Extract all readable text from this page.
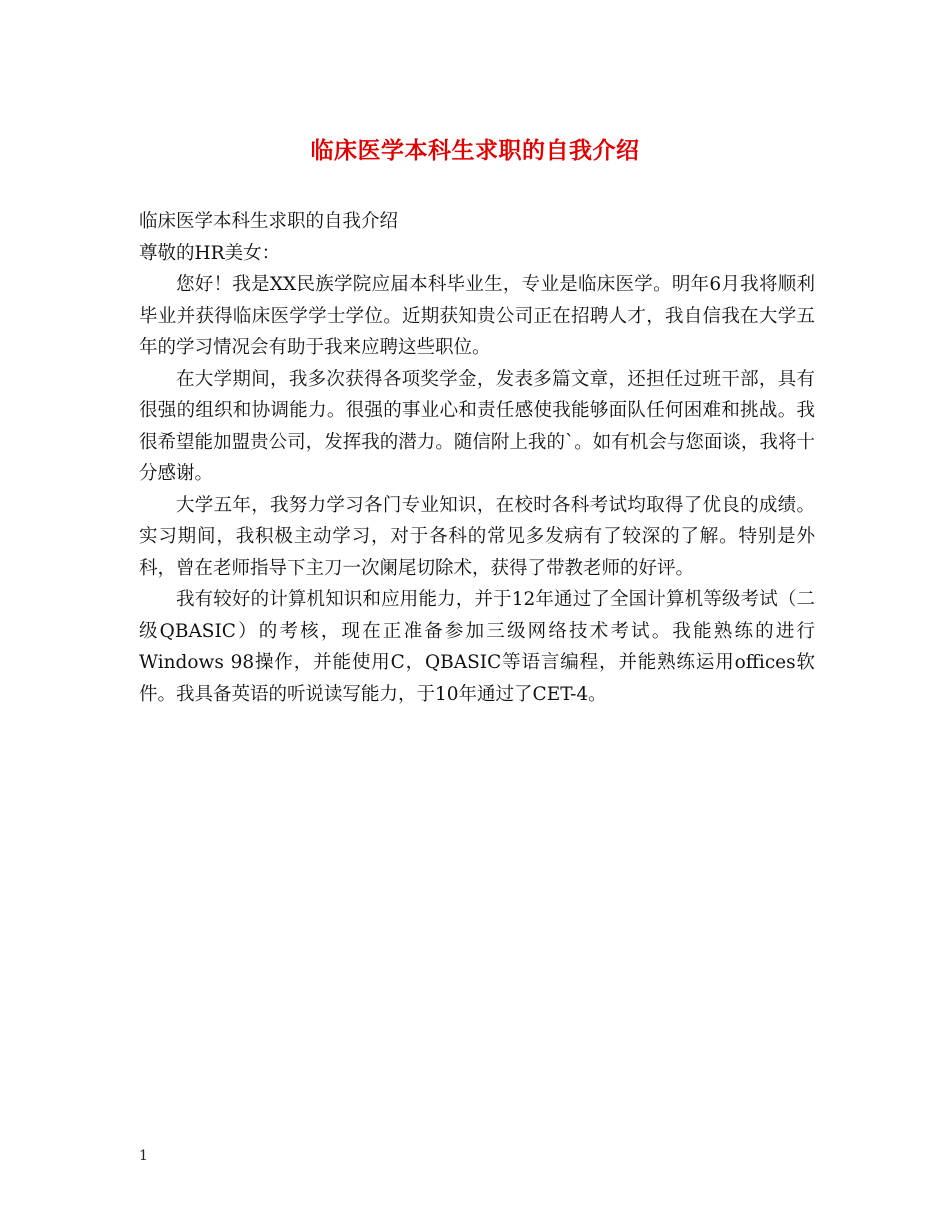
临床医学本科生求职的自我介绍

临床医学本科生求职的自我介绍

尊敬的HR美女：

您好！我是XX民族学院应届本科毕业生，专业是临床医学。明年6月我将顺利毕业并获得临床医学学士学位。近期获知贵公司正在招聘人才，我自信我在大学五年的学习情况会有助于我来应聘这些职位。

在大学期间，我多次获得各项奖学金，发表多篇文章，还担任过班干部，具有很强的组织和协调能力。很强的事业心和责任感使我能够面队任何困难和挑战。我很希望能加盟贵公司，发挥我的潜力。随信附上我的`。如有机会与您面谈，我将十分感谢。

大学五年，我努力学习各门专业知识，在校时各科考试均取得了优良的成绩。实习期间，我积极主动学习，对于各科的常见多发病有了较深的了解。特别是外科，曾在老师指导下主刀一次阑尾切除术，获得了带教老师的好评。

我有较好的计算机知识和应用能力，并于12年通过了全国计算机等级考试（二级QBASIC）的考核，现在正准备参加三级网络技术考试。我能熟练的进行Windows 98操作，并能使用C，QBASIC等语言编程，并能熟练运用offices软件。我具备英语的听说读写能力，于10年通过了CET-4。

1
